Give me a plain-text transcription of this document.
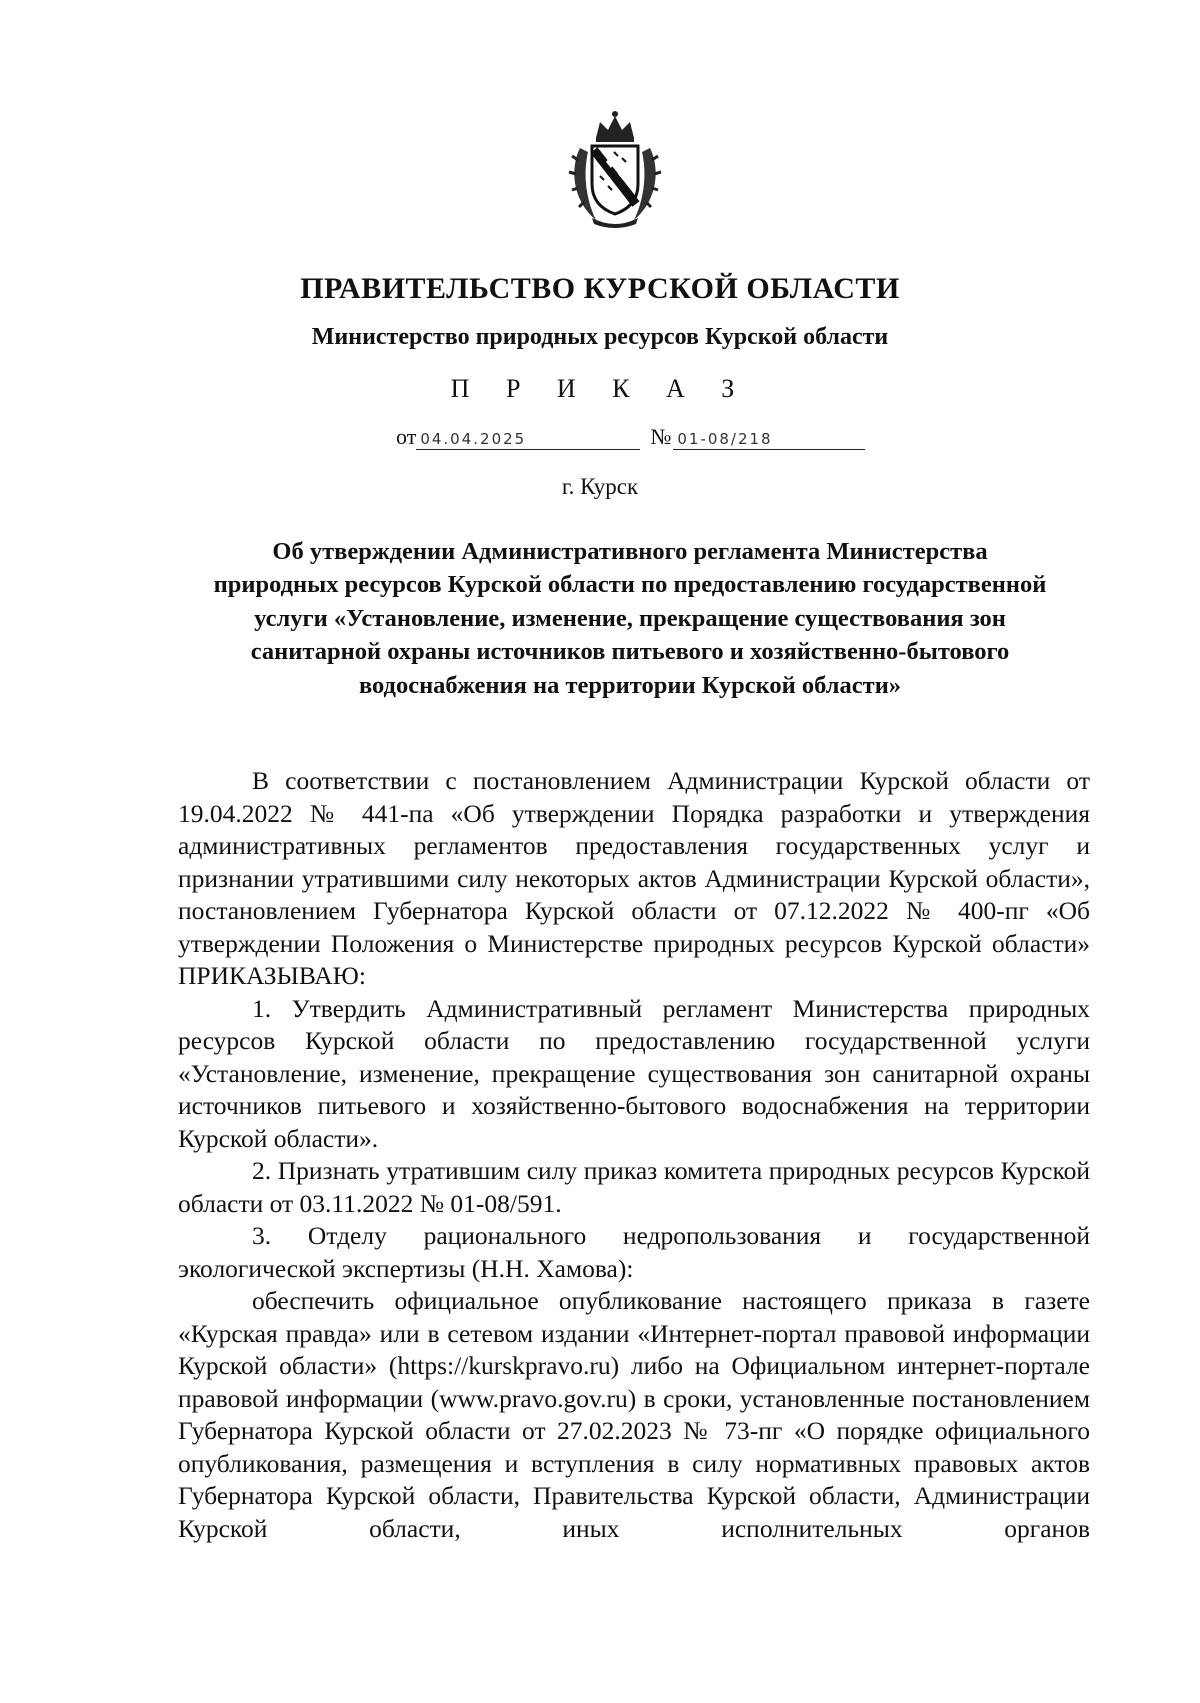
ПРАВИТЕЛЬСТВО КУРСКОЙ ОБЛАСТИ
Министерство природных ресурсов Курской области
П Р И К А З
от 04.04.2025	№ 01-08/218
г. Курск
Об утверждении Административного регламента Министерства природных ресурсов Курской области по предоставлению государственной услуги «Установление, изменение, прекращение существования зон санитарной охраны источников питьевого и хозяйственно-бытового водоснабжения на территории Курской области»

В соответствии с постановлением Администрации Курской области от 19.04.2022 № 441-па «Об утверждении Порядка разработки и утверждения административных регламентов предоставления государственных услуг и признании утратившими силу некоторых актов Администрации Курской области», постановлением Губернатора Курской области от 07.12.2022 № 400-пг «Об утверждении Положения о Министерстве природных ресурсов Курской области» ПРИКАЗЫВАЮ:

1. Утвердить Административный регламент Министерства природных ресурсов Курской области по предоставлению государственной услуги «Установление, изменение, прекращение существования зон санитарной охраны источников питьевого и хозяйственно-бытового водоснабжения на территории Курской области».

2. Признать утратившим силу приказ комитета природных ресурсов Курской области от 03.11.2022 № 01-08/591.

3. Отделу рационального недропользования и государственной экологической экспертизы (Н.Н. Хамова):

обеспечить официальное опубликование настоящего приказа в газете «Курская правда» или в сетевом издании «Интернет-портал правовой информации Курской области» (https://kurskpravo.ru) либо на Официальном интернет-портале правовой информации (www.pravo.gov.ru) в сроки, установленные постановлением Губернатора Курской области от 27.02.2023 № 73-пг «О порядке официального опубликования, размещения и вступления в силу нормативных правовых актов Губернатора Курской области, Правительства Курской области, Администрации Курской области, иных исполнительных органов
